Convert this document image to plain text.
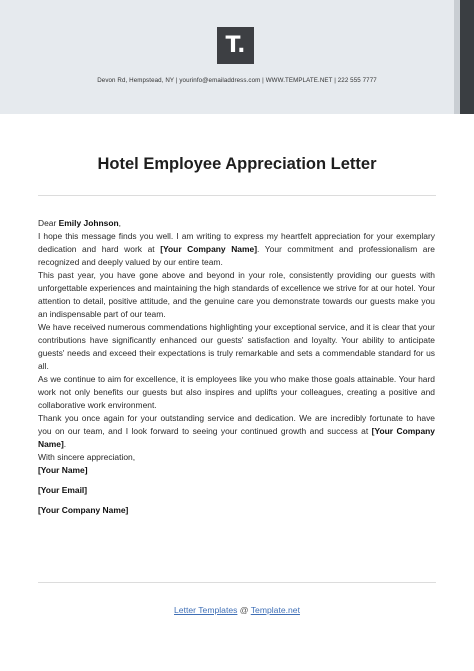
T.
Devon Rd, Hempstead, NY | yourinfo@emailaddress.com | WWW.TEMPLATE.NET | 222 555 7777
Hotel Employee Appreciation Letter

Dear Emily Johnson,

I hope this message finds you well. I am writing to express my heartfelt appreciation for your exemplary dedication and hard work at [Your Company Name]. Your commitment and professionalism are recognized and deeply valued by our entire team.

This past year, you have gone above and beyond in your role, consistently providing our guests with unforgettable experiences and maintaining the high standards of excellence we strive for at our hotel. Your attention to detail, positive attitude, and the genuine care you demonstrate towards our guests make you an indispensable part of our team.

We have received numerous commendations highlighting your exceptional service, and it is clear that your contributions have significantly enhanced our guests' satisfaction and loyalty. Your ability to anticipate guests' needs and exceed their expectations is truly remarkable and sets a commendable standard for us all.

As we continue to aim for excellence, it is employees like you who make those goals attainable. Your hard work not only benefits our guests but also inspires and uplifts your colleagues, creating a positive and collaborative work environment.

Thank you once again for your outstanding service and dedication. We are incredibly fortunate to have you on our team, and I look forward to seeing your continued growth and success at [Your Company Name].

With sincere appreciation,

[Your Name]

[Your Email]

[Your Company Name]

Letter Templates @ Template.net
